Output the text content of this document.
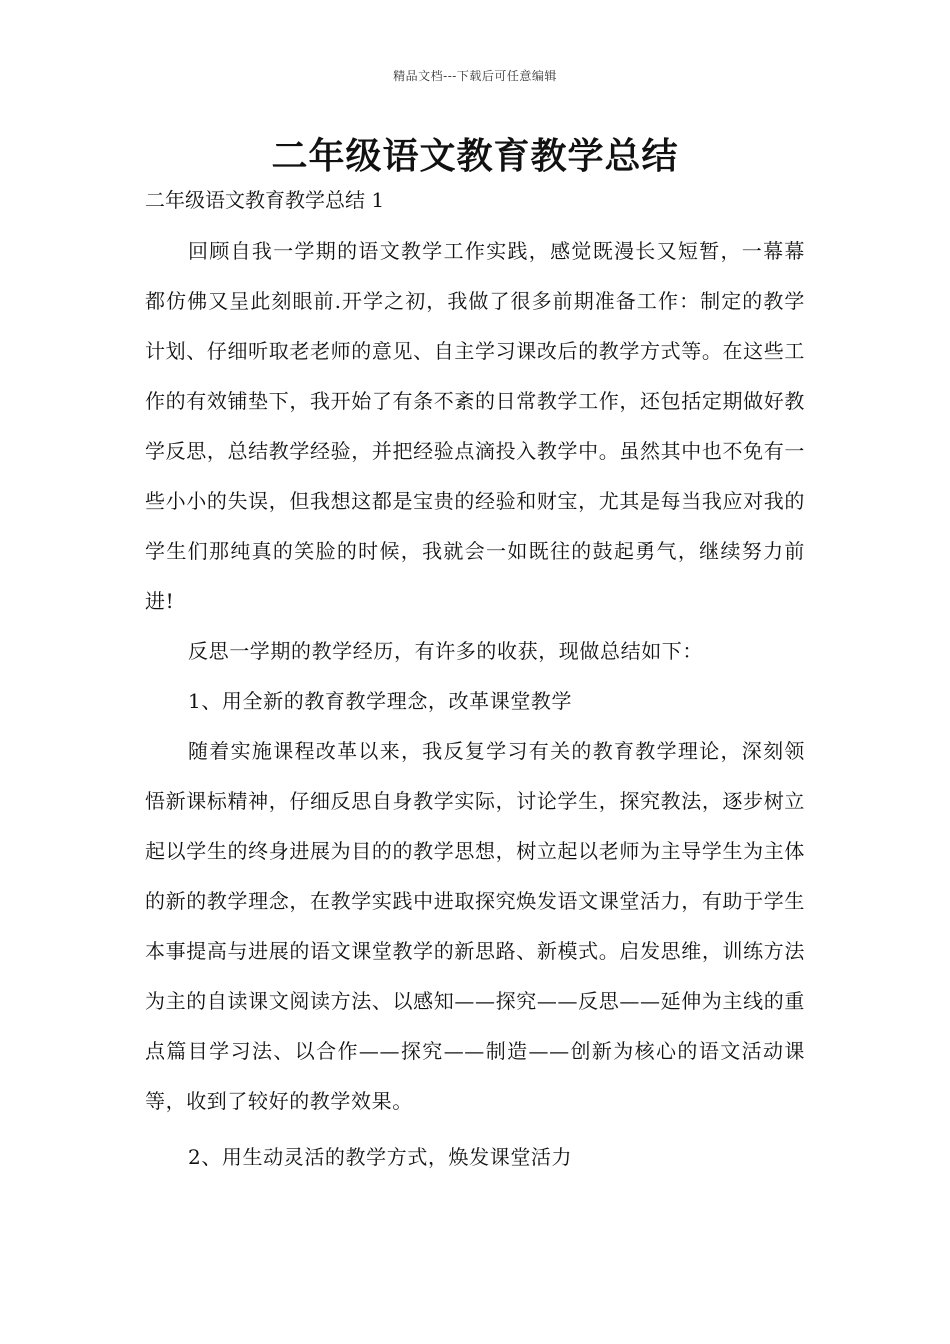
精品文档---下载后可任意编辑
二年级语文教育教学总结

二年级语文教育教学总结 1

回顾自我一学期的语文教学工作实践，感觉既漫长又短暂，一幕幕都仿佛又呈此刻眼前.开学之初，我做了很多前期准备工作：制定的教学计划、仔细听取老老师的意见、自主学习课改后的教学方式等。在这些工作的有效铺垫下，我开始了有条不紊的日常教学工作，还包括定期做好教学反思，总结教学经验，并把经验点滴投入教学中。虽然其中也不免有一些小小的失误，但我想这都是宝贵的经验和财宝，尤其是每当我应对我的学生们那纯真的笑脸的时候，我就会一如既往的鼓起勇气，继续努力前进!

反思一学期的教学经历，有许多的收获，现做总结如下：

1、用全新的教育教学理念，改革课堂教学

随着实施课程改革以来，我反复学习有关的教育教学理论，深刻领悟新课标精神，仔细反思自身教学实际，讨论学生，探究教法，逐步树立起以学生的终身进展为目的的教学思想，树立起以老师为主导学生为主体的新的教学理念，在教学实践中进取探究焕发语文课堂活力，有助于学生本事提高与进展的语文课堂教学的新思路、新模式。启发思维，训练方法为主的自读课文阅读方法、以感知——探究——反思——延伸为主线的重点篇目学习法、以合作——探究——制造——创新为核心的语文活动课等，收到了较好的教学效果。

2、用生动灵活的教学方式，焕发课堂活力
